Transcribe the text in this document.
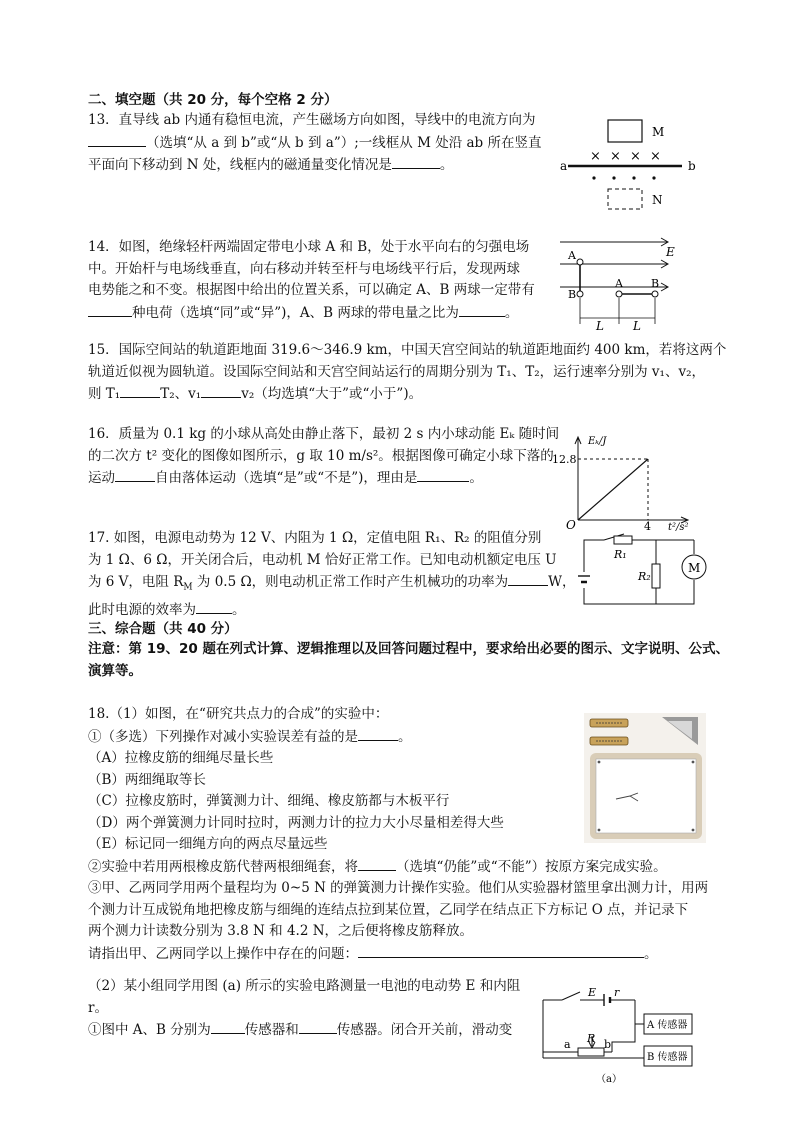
二、填空题（共 20 分，每个空格 2 分）
13．直导线 ab 内通有稳恒电流，产生磁场方向如图，导线中的电流方向为
（选填“从 a 到 b”或“从 b 到 a”）;一线框从 M 处沿 ab 所在竖直
平面向下移动到 N 处，线框内的磁通量变化情况是	。
M
× × × ×
a	b
N
14．如图，绝缘轻杆两端固定带电小球 A 和 B，处于水平向右的匀强电场
中。开始杆与电场线垂直，向右移动并转至杆与电场线平行后，发现两球
电势能之和不变。根据图中给出的位置关系，可以确定 A、B 两球一定带有
种电荷（选填“同”或“异”)，A、B 两球的带电量之比为	。
E
A
B
A	B
L L
15．国际空间站的轨道距地面 319.6～346.9 km，中国天宫空间站的轨道距地面约 400 km，若将这两个
轨道近似视为圆轨道。设国际空间站和天宫空间站运行的周期分别为 T₁、T₂，运行速率分别为 v₁、v₂，
则 T₁	T₂、v₁	v₂（均选填“大于”或“小于”)。
16．质量为 0.1 kg 的小球从高处由静止落下，最初 2 s 内小球动能 Eₖ 随时间
的二次方 t² 变化的图像如图所示，g 取 10 m/s²。根据图像可确定小球下落的
运动	自由落体运动（选填“是”或“不是”)，理由是	。
Eₖ/J
t²/s²
12.8
4
O
17. 如图，电源电动势为 12 V、内阻为 1 Ω，定值电阻 R₁、R₂ 的阻值分别
为 1 Ω、6 Ω，开关闭合后，电动机 M 恰好正常工作。已知电动机额定电压 U
为 6 V，电阻 $R_M$ 为 0.5 Ω，则电动机正常工作时产生机械功的功率为	W，
此时电源的效率为	。
R₁
R₂
M
三、综合题（共 40 分）
注意：第 19、20 题在列式计算、逻辑推理以及回答问题过程中，要求给出必要的图示、文字说明、公式、
演算等。
18.（1）如图，在“研究共点力的合成”的实验中：
①（多选）下列操作对减小实验误差有益的是	。
（A）拉橡皮筋的细绳尽量长些
（B）两细绳取等长
（C）拉橡皮筋时，弹簧测力计、细绳、橡皮筋都与木板平行
（D）两个弹簧测力计同时拉时，两测力计的拉力大小尽量相差得大些
（E）标记同一细绳方向的两点尽量远些
②实验中若用两根橡皮筋代替两根细绳套，将	（选填“仍能”或“不能”）按原方案完成实验。
③甲、乙两同学用两个量程均为 0~5 N 的弹簧测力计操作实验。他们从实验器材篮里拿出测力计，用两
个测力计互成锐角地把橡皮筋与细绳的连结点拉到某位置，乙同学在结点正下方标记 O 点，并记录下
两个测力计读数分别为 3.8 N 和 4.2 N，之后便将橡皮筋释放。
请指出甲、乙两同学以上操作中存在的问题：	。
（2）某小组同学用图 (a) 所示的实验电路测量一电池的电动势 E 和内阻
r。
①图中 A、B 分别为	传感器和	传感器。闭合开关前，滑动变
E r
R
a	b
A 传感器
B 传感器
（a）
